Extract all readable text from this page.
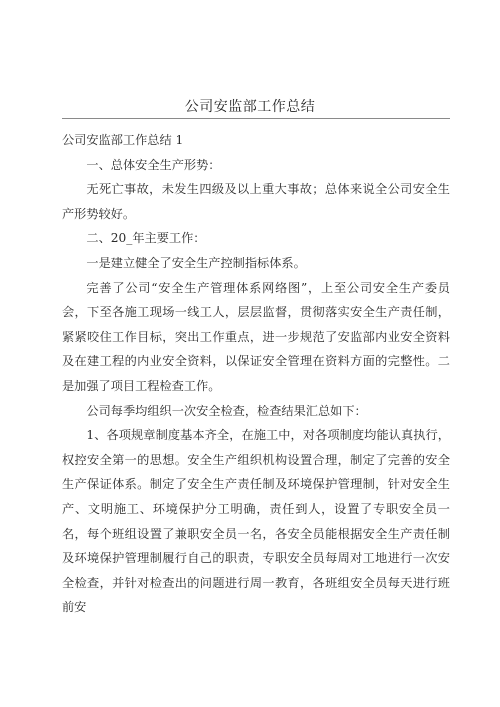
公司安监部工作总结

公司安监部工作总结 1

一、总体安全生产形势：

无死亡事故，未发生四级及以上重大事故；总体来说全公司安全生产形势较好。

二、20_年主要工作：

一是建立健全了安全生产控制指标体系。

完善了公司“安全生产管理体系网络图”，上至公司安全生产委员会，下至各施工现场一线工人，层层监督，贯彻落实安全生产责任制，紧紧咬住工作目标，突出工作重点，进一步规范了安监部内业安全资料及在建工程的内业安全资料，以保证安全管理在资料方面的完整性。二是加强了项目工程检查工作。

公司每季均组织一次安全检查，检查结果汇总如下：

1、各项规章制度基本齐全，在施工中，对各项制度均能认真执行，权控安全第一的思想。安全生产组织机构设置合理，制定了完善的安全生产保证体系。制定了安全生产责任制及环境保护管理制，针对安全生产、文明施工、环境保护分工明确，责任到人，设置了专职安全员一名，每个班组设置了兼职安全员一名，各安全员能根据安全生产责任制及环境保护管理制履行自己的职责，专职安全员每周对工地进行一次安全检查，并针对检查出的问题进行周一教育，各班组安全员每天进行班前安
